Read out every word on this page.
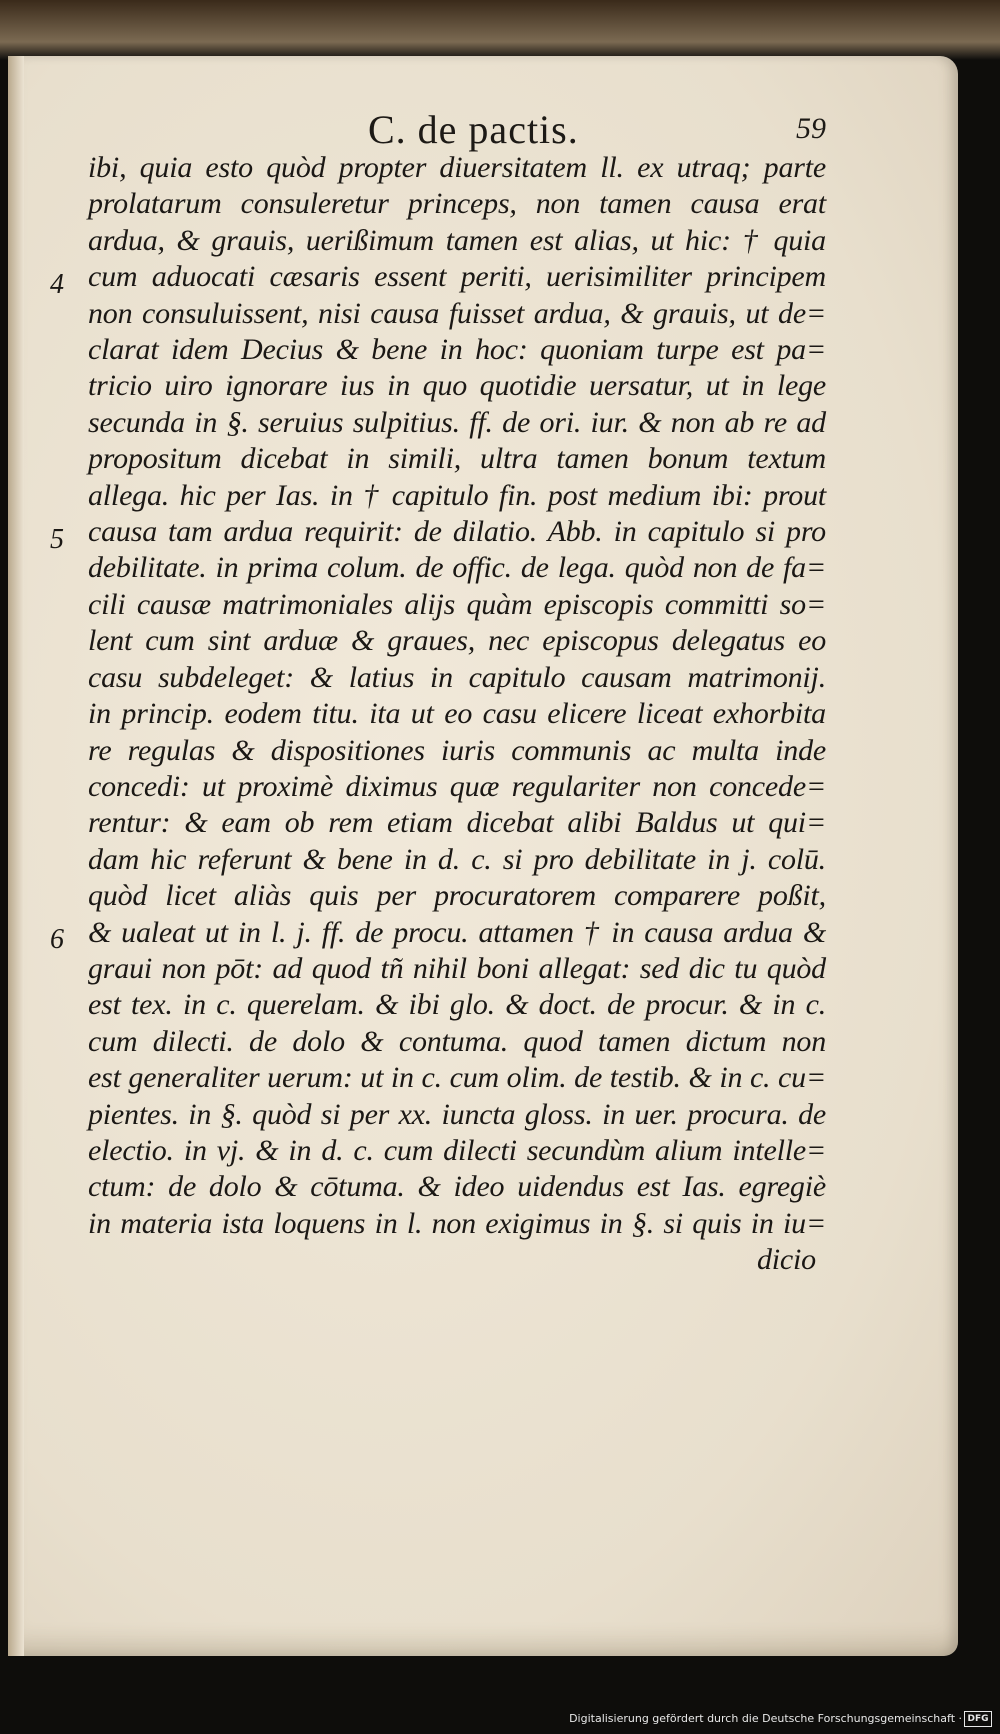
C. de pactis.	59
4
5
6
ibi, quia esto quòd propter diuersitatem ll. ex utraq; parte
prolatarum consuleretur princeps, non tamen causa erat
ardua, & grauis, uerißimum tamen est alias, ut hic: † quia
cum aduocati cæsaris essent periti, uerisimiliter principem
non consuluissent, nisi causa fuisset ardua, & grauis, ut de=
clarat idem Decius & bene in hoc: quoniam turpe est pa=
tricio uiro ignorare ius in quo quotidie uersatur, ut in lege
secunda in §. seruius sulpitius. ff. de ori. iur. & non ab re ad
propositum dicebat in simili, ultra tamen bonum textum
allega. hic per Ias. in † capitulo fin. post medium ibi: prout
causa tam ardua requirit: de dilatio. Abb. in capitulo si pro
debilitate. in prima colum. de offic. de lega. quòd non de fa=
cili causæ matrimoniales alijs quàm episcopis committi so=
lent cum sint arduæ & graues, nec episcopus delegatus eo
casu subdeleget: & latius in capitulo causam matrimonij.
in princip. eodem titu. ita ut eo casu elicere liceat exhorbita
re regulas & dispositiones iuris communis ac multa inde
concedi: ut proximè diximus quæ regulariter non concede=
rentur: & eam ob rem etiam dicebat alibi Baldus ut qui=
dam hic referunt & bene in d. c. si pro debilitate in j. colū.
quòd licet aliàs quis per procuratorem comparere poßit,
& ualeat ut in l. j. ff. de procu. attamen † in causa ardua &
graui non pōt: ad quod tñ nihil boni allegat: sed dic tu quòd
est tex. in c. querelam. & ibi glo. & doct. de procur. & in c.
cum dilecti. de dolo & contuma. quod tamen dictum non
est generaliter uerum: ut in c. cum olim. de testib. & in c. cu=
pientes. in §. quòd si per xx. iuncta gloss. in uer. procura. de
electio. in vj. & in d. c. cum dilecti secundùm alium intelle=
ctum: de dolo & cōtuma. & ideo uidendus est Ias. egregiè
in materia ista loquens in l. non exigimus in §. si quis in iu=
dicio
Digitalisierung gefördert durch die Deutsche Forschungsgemeinschaft · DFG
